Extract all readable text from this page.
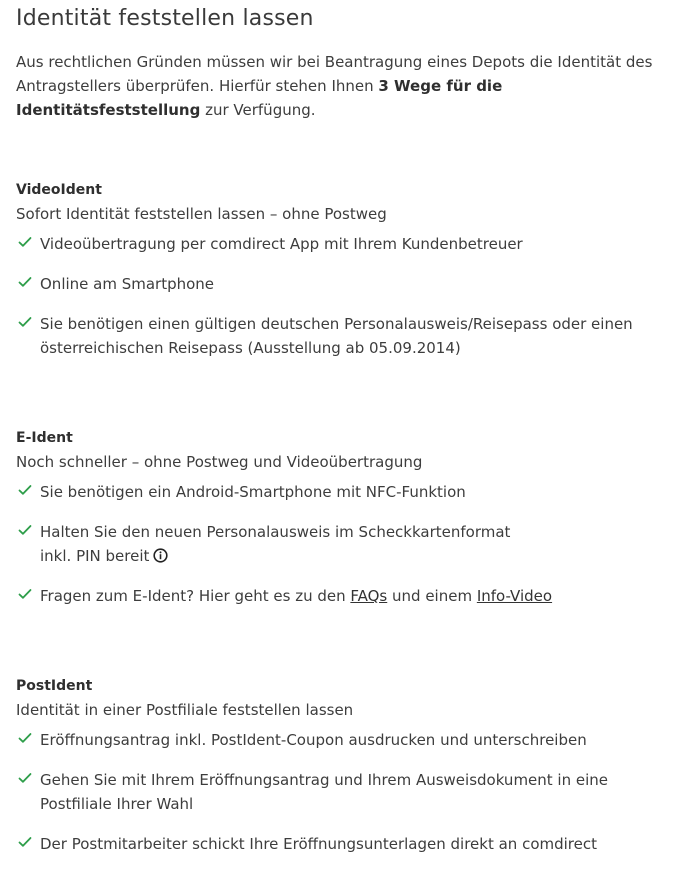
Identität feststellen lassen

Aus rechtlichen Gründen müssen wir bei Beantragung eines Depots die Identität des Antragstellers überprüfen. Hierfür stehen Ihnen 3 Wege für die Identitätsfeststellung zur Verfügung.

VideoIdent

Sofort Identität feststellen lassen – ohne Postweg

Videoübertragung per comdirect App mit Ihrem Kundenbetreuer
Online am Smartphone
Sie benötigen einen gültigen deutschen Personalausweis/Reisepass oder einen österreichischen Reisepass (Ausstellung ab 05.09.2014)
E-Ident

Noch schneller – ohne Postweg und Videoübertragung

Sie benötigen ein Android-Smartphone mit NFC-Funktion
Halten Sie den neuen Personalausweis im Scheckkartenformat
inkl. PIN bereit
Fragen zum E-Ident? Hier geht es zu den FAQs und einem Info-Video
PostIdent

Identität in einer Postfiliale feststellen lassen

Eröffnungsantrag inkl. PostIdent-Coupon ausdrucken und unterschreiben
Gehen Sie mit Ihrem Eröffnungsantrag und Ihrem Ausweisdokument in eine Postfiliale Ihrer Wahl
Der Postmitarbeiter schickt Ihre Eröffnungsunterlagen direkt an comdirect
